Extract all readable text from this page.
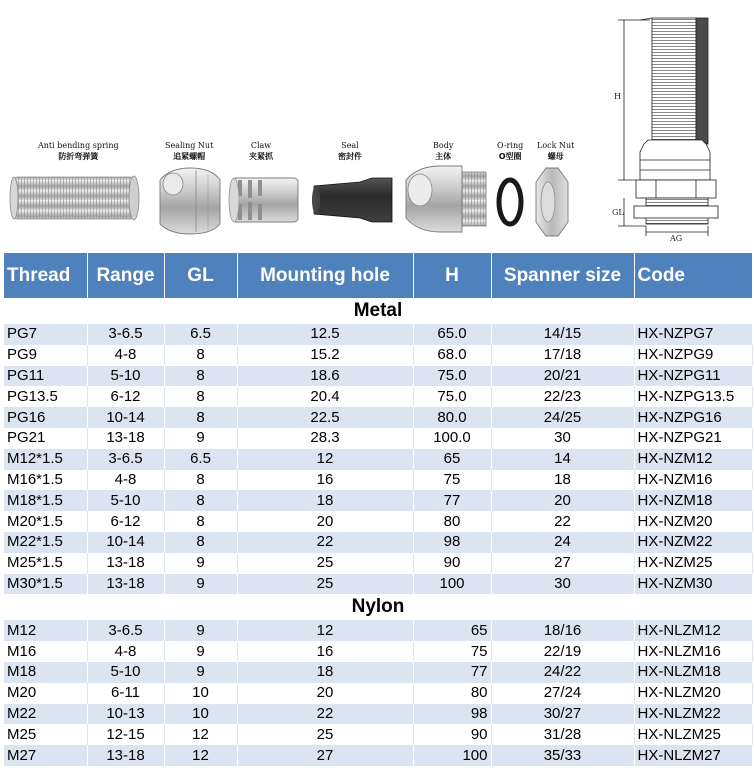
Anti bending spring
防折弯弹簧
Sealing Nut
追紧螺帽
Claw
夹紧抓
Seal
密封件
Body
主体
O-ring
O型圈
Lock Nut
螺母
H
GL
AG
Thread	Range	GL	Mounting hole	H	Spanner size	Code
Metal						
PG7	3-6.5	6.5	12.5	65.0	14/15	HX-NZPG7
PG9	4-8	8	15.2	68.0	17/18	HX-NZPG9
PG11	5-10	8	18.6	75.0	20/21	HX-NZPG11
PG13.5	6-12	8	20.4	75.0	22/23	HX-NZPG13.5
PG16	10-14	8	22.5	80.0	24/25	HX-NZPG16
PG21	13-18	9	28.3	100.0	30	HX-NZPG21
M12*1.5	3-6.5	6.5	12	65	14	HX-NZM12
M16*1.5	4-8	8	16	75	18	HX-NZM16
M18*1.5	5-10	8	18	77	20	HX-NZM18
M20*1.5	6-12	8	20	80	22	HX-NZM20
M22*1.5	10-14	8	22	98	24	HX-NZM22
M25*1.5	13-18	9	25	90	27	HX-NZM25
M30*1.5	13-18	9	25	100	30	HX-NZM30
Nylon						
M12	3-6.5	9	12	65	18/16	HX-NLZM12
M16	4-8	9	16	75	22/19	HX-NLZM16
M18	5-10	9	18	77	24/22	HX-NLZM18
M20	6-11	10	20	80	27/24	HX-NLZM20
M22	10-13	10	22	98	30/27	HX-NLZM22
M25	12-15	12	25	90	31/28	HX-NLZM25
M27	13-18	12	27	100	35/33	HX-NLZM27
